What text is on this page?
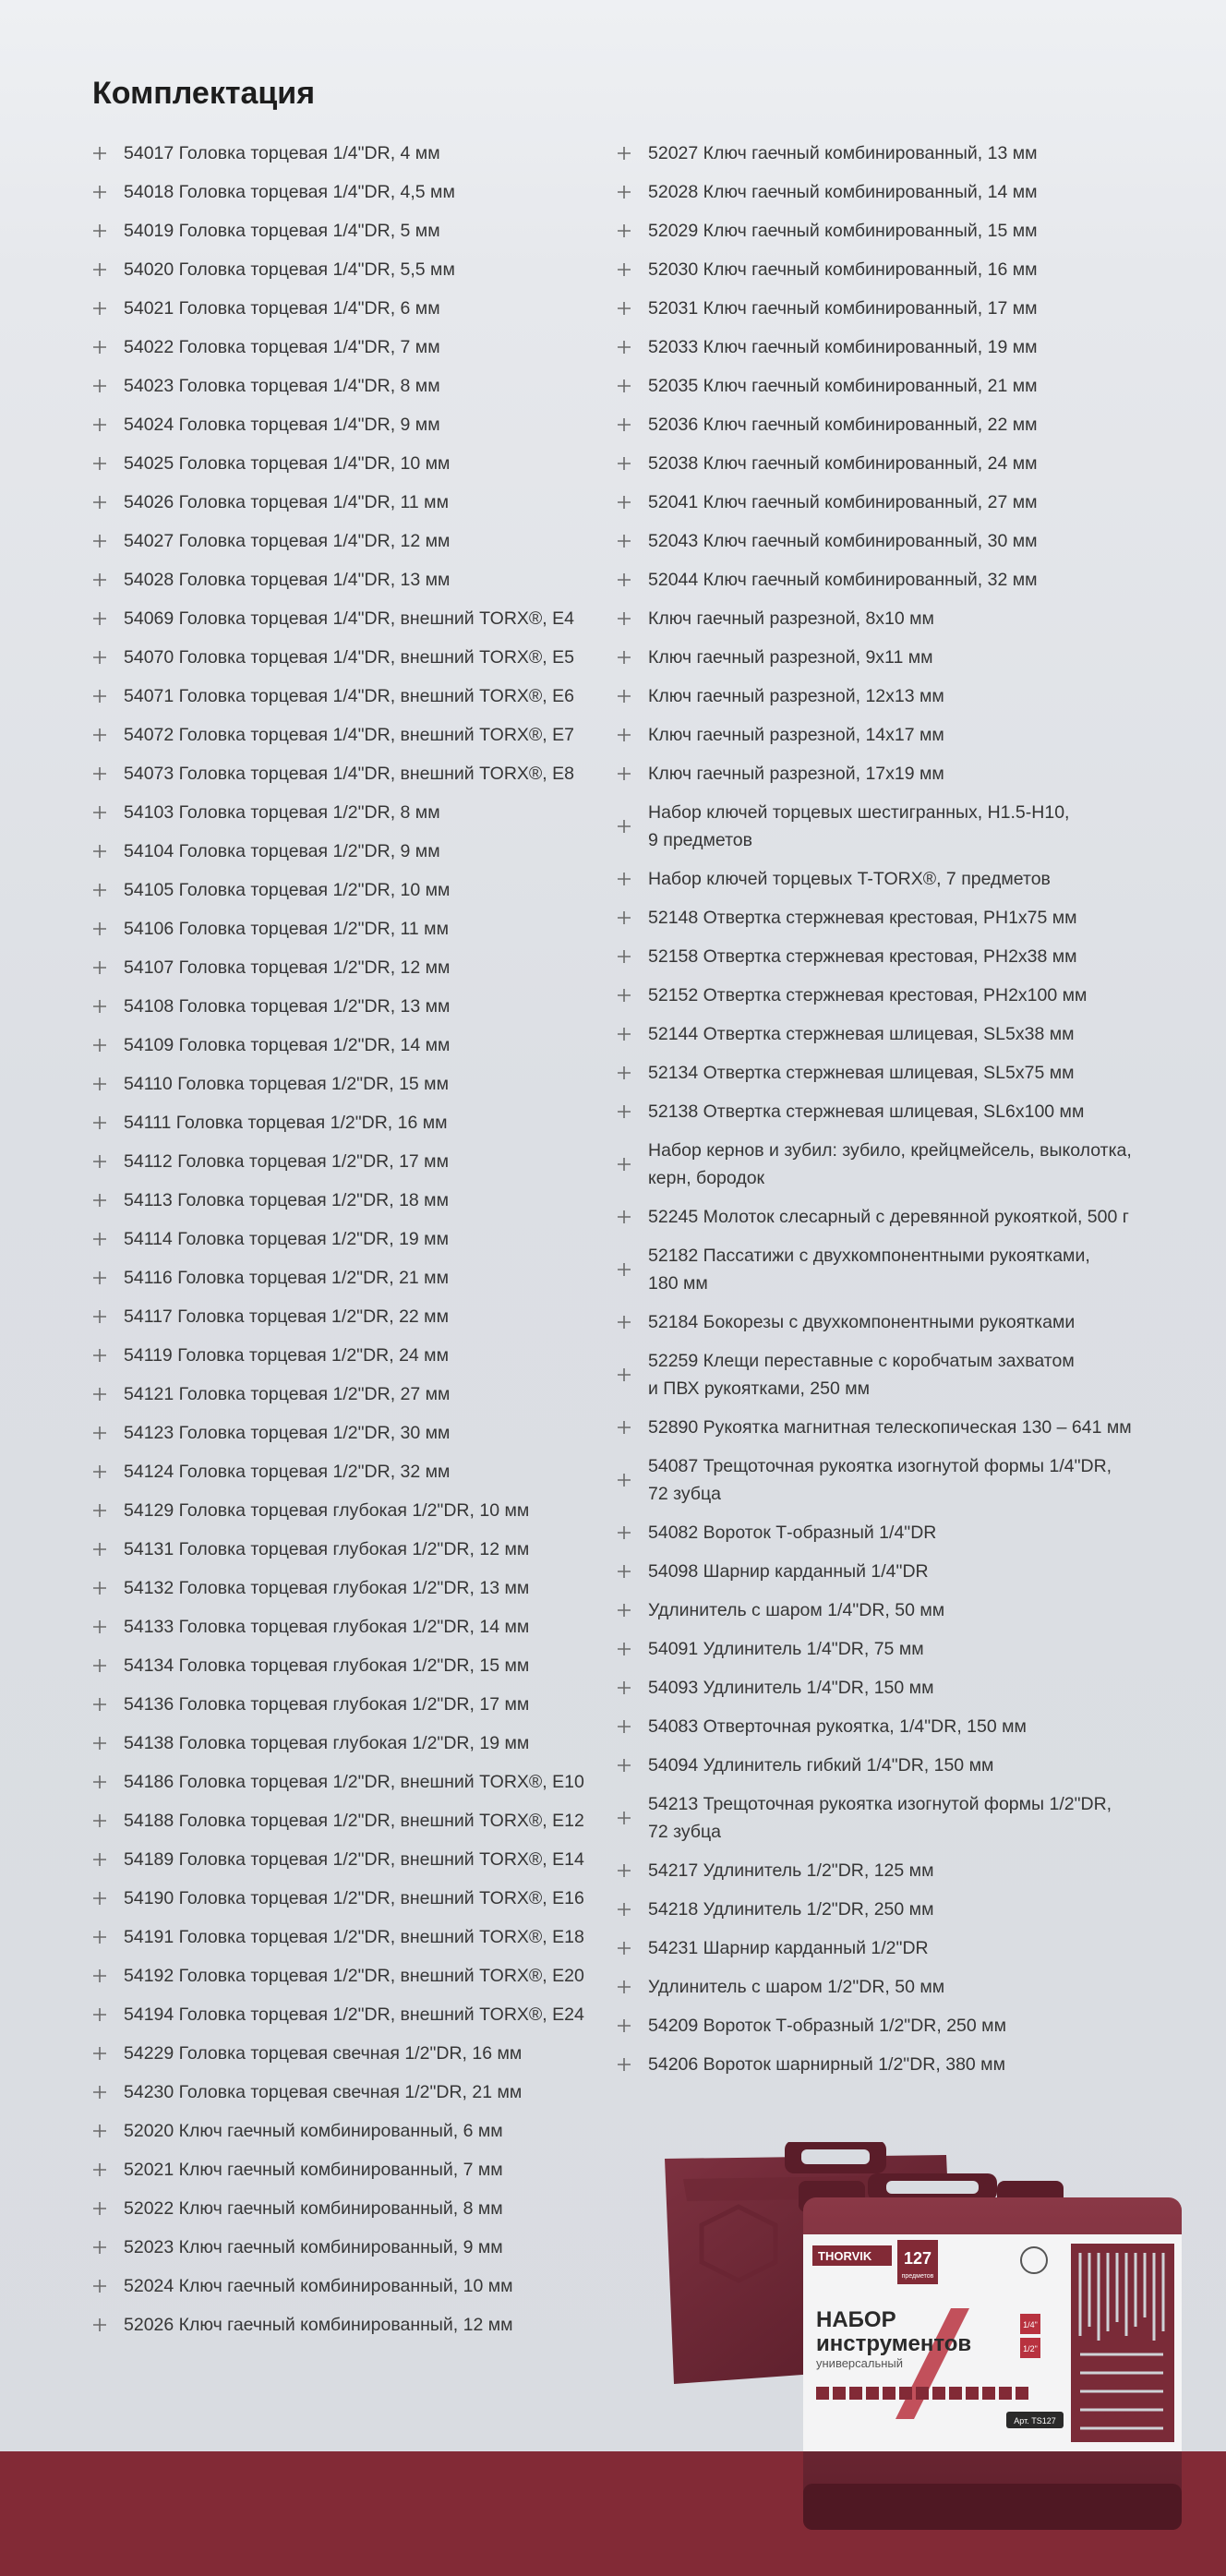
Комплектация
54017 Головка торцевая 1/4"DR, 4 мм
54018 Головка торцевая 1/4"DR, 4,5 мм
54019 Головка торцевая 1/4"DR, 5 мм
54020 Головка торцевая 1/4"DR, 5,5 мм
54021 Головка торцевая 1/4"DR, 6 мм
54022 Головка торцевая 1/4"DR, 7 мм
54023 Головка торцевая 1/4"DR, 8 мм
54024 Головка торцевая 1/4"DR, 9 мм
54025 Головка торцевая 1/4"DR, 10 мм
54026 Головка торцевая 1/4"DR, 11 мм
54027 Головка торцевая 1/4"DR, 12 мм
54028 Головка торцевая 1/4"DR, 13 мм
54069 Головка торцевая 1/4"DR, внешний TORX®, E4
54070 Головка торцевая 1/4"DR, внешний TORX®, E5
54071 Головка торцевая 1/4"DR, внешний TORX®, E6
54072 Головка торцевая 1/4"DR, внешний TORX®, E7
54073 Головка торцевая 1/4"DR, внешний TORX®, E8
54103 Головка торцевая 1/2"DR, 8 мм
54104 Головка торцевая 1/2"DR, 9 мм
54105 Головка торцевая 1/2"DR, 10 мм
54106 Головка торцевая 1/2"DR, 11 мм
54107 Головка торцевая 1/2"DR, 12 мм
54108 Головка торцевая 1/2"DR, 13 мм
54109 Головка торцевая 1/2"DR, 14 мм
54110 Головка торцевая 1/2"DR, 15 мм
54111 Головка торцевая 1/2"DR, 16 мм
54112 Головка торцевая 1/2"DR, 17 мм
54113 Головка торцевая 1/2"DR, 18 мм
54114 Головка торцевая 1/2"DR, 19 мм
54116 Головка торцевая 1/2"DR, 21 мм
54117 Головка торцевая 1/2"DR, 22 мм
54119 Головка торцевая 1/2"DR, 24 мм
54121 Головка торцевая 1/2"DR, 27 мм
54123 Головка торцевая 1/2"DR, 30 мм
54124 Головка торцевая 1/2"DR, 32 мм
54129 Головка торцевая глубокая 1/2"DR, 10 мм
54131 Головка торцевая глубокая 1/2"DR, 12 мм
54132 Головка торцевая глубокая 1/2"DR, 13 мм
54133 Головка торцевая глубокая 1/2"DR, 14 мм
54134 Головка торцевая глубокая 1/2"DR, 15 мм
54136 Головка торцевая глубокая 1/2"DR, 17 мм
54138 Головка торцевая глубокая 1/2"DR, 19 мм
54186 Головка торцевая 1/2"DR, внешний TORX®, E10
54188 Головка торцевая 1/2"DR, внешний TORX®, E12
54189 Головка торцевая 1/2"DR, внешний TORX®, E14
54190 Головка торцевая 1/2"DR, внешний TORX®, E16
54191 Головка торцевая 1/2"DR, внешний TORX®, E18
54192 Головка торцевая 1/2"DR, внешний TORX®, E20
54194 Головка торцевая 1/2"DR, внешний TORX®, E24
54229 Головка торцевая свечная 1/2"DR, 16 мм
54230 Головка торцевая свечная 1/2"DR, 21 мм
52020 Ключ гаечный комбинированный, 6 мм
52021 Ключ гаечный комбинированный, 7 мм
52022 Ключ гаечный комбинированный, 8 мм
52023 Ключ гаечный комбинированный, 9 мм
52024 Ключ гаечный комбинированный, 10 мм
52026 Ключ гаечный комбинированный, 12 мм
52027 Ключ гаечный комбинированный, 13 мм
52028 Ключ гаечный комбинированный, 14 мм
52029 Ключ гаечный комбинированный, 15 мм
52030 Ключ гаечный комбинированный, 16 мм
52031 Ключ гаечный комбинированный, 17 мм
52033 Ключ гаечный комбинированный, 19 мм
52035 Ключ гаечный комбинированный, 21 мм
52036 Ключ гаечный комбинированный, 22 мм
52038 Ключ гаечный комбинированный, 24 мм
52041 Ключ гаечный комбинированный, 27 мм
52043 Ключ гаечный комбинированный, 30 мм
52044 Ключ гаечный комбинированный, 32 мм
Ключ гаечный разрезной, 8х10 мм
Ключ гаечный разрезной, 9х11 мм
Ключ гаечный разрезной, 12х13 мм
Ключ гаечный разрезной, 14х17 мм
Ключ гаечный разрезной, 17х19 мм
Набор ключей торцевых шестигранных, H1.5-H10,
9 предметов
Набор ключей торцевых T-TORX®, 7 предметов
52148 Отвертка стержневая крестовая, PH1х75 мм
52158 Отвертка стержневая крестовая, PH2х38 мм
52152 Отвертка стержневая крестовая, PH2х100 мм
52144 Отвертка стержневая шлицевая, SL5х38 мм
52134 Отвертка стержневая шлицевая, SL5х75 мм
52138 Отвертка стержневая шлицевая, SL6х100 мм
Набор кернов и зубил: зубило, крейцмейсель, выколотка,
керн, бородок
52245 Молоток слесарный с деревянной рукояткой, 500 г
52182 Пассатижи с двухкомпонентными рукоятками,
180 мм
52184 Бокорезы с двухкомпонентными рукоятками
52259 Клещи переставные с коробчатым захватом
и ПВХ рукоятками, 250 мм
52890 Рукоятка магнитная телескопическая 130 – 641 мм
54087 Трещоточная рукоятка изогнутой формы 1/4"DR,
72 зубца
54082 Вороток Т-образный 1/4"DR
54098 Шарнир карданный 1/4"DR
Удлинитель с шаром 1/4"DR, 50 мм
54091 Удлинитель 1/4"DR, 75 мм
54093 Удлинитель 1/4"DR, 150 мм
54083 Отверточная рукоятка, 1/4"DR, 150 мм
54094 Удлинитель гибкий 1/4"DR, 150 мм
54213 Трещоточная рукоятка изогнутой формы 1/2"DR,
72 зубца
54217 Удлинитель 1/2"DR, 125 мм
54218 Удлинитель 1/2"DR, 250 мм
54231 Шарнир карданный 1/2"DR
Удлинитель с шаром 1/2"DR, 50 мм
54209 Вороток Т-образный 1/2"DR, 250 мм
54206 Вороток шарнирный 1/2"DR, 380 мм
THORVIK 127
предметов
НАБОР
инструментов
универсальный
1/4"
1/2"
Арт. TS127
